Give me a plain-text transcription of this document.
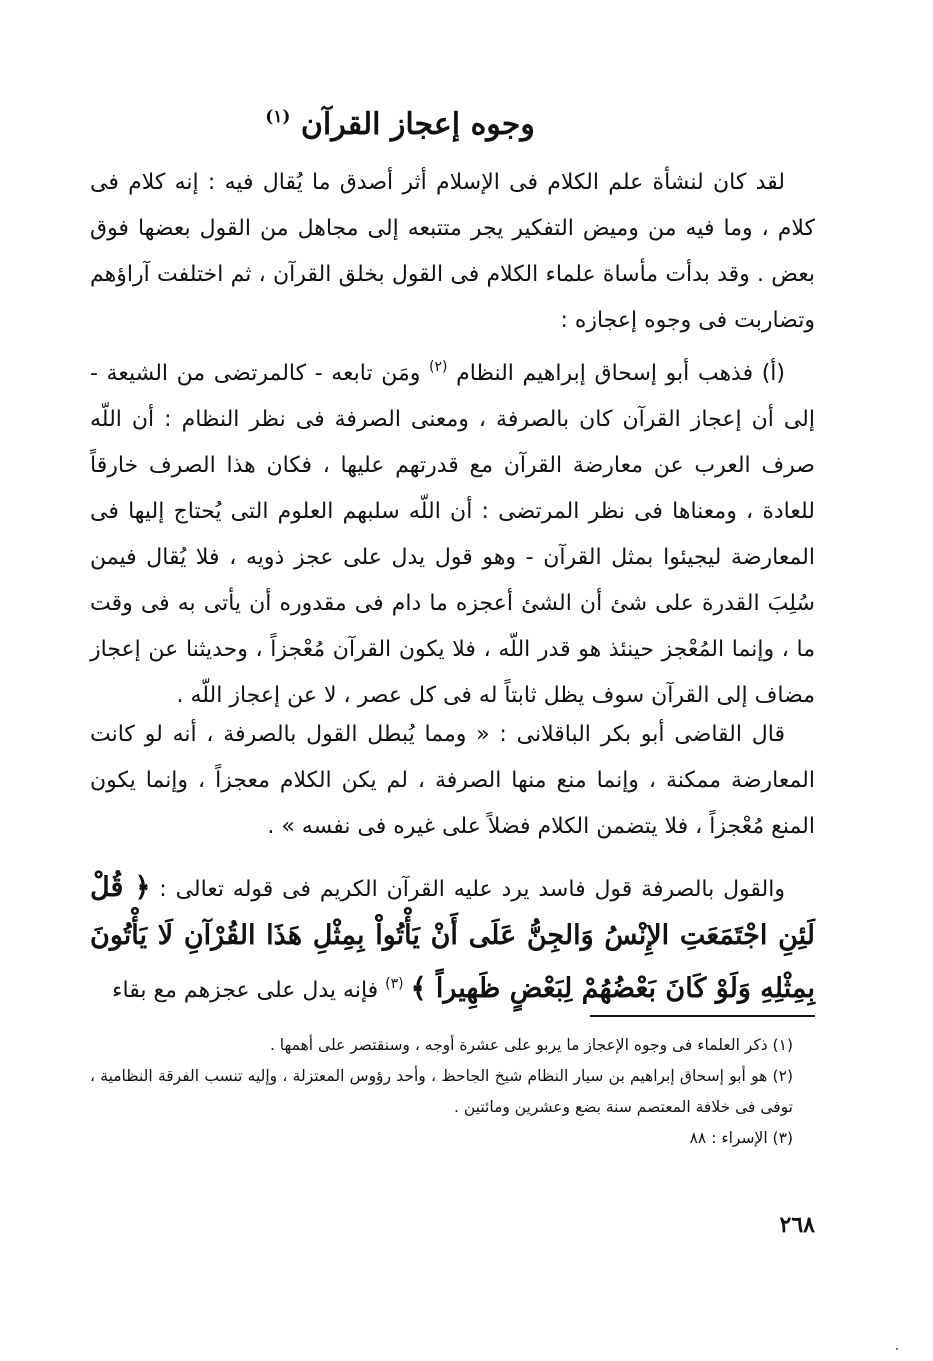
وجوه إعجاز القرآن $^{(١)}$

لقد كان لنشأة علم الكلام فى الإسلام أثر أصدق ما يُقال فيه : إنه كلام فى كلام ، وما فيه من وميض التفكير يجر متتبعه إلى مجاهل من القول بعضها فوق بعض . وقد بدأت مأساة علماء الكلام فى القول بخلق القرآن ، ثم اختلفت آراؤهم وتضاربت فى وجوه إعجازه :

(أ) فذهب أبو إسحاق إبراهيم النظام $^{(٢)}$ ومَن تابعه - كالمرتضى من الشيعة - إلى أن إعجاز القرآن كان بالصرفة ، ومعنى الصرفة فى نظر النظام : أن اللّه صرف العرب عن معارضة القرآن مع قدرتهم عليها ، فكان هذا الصرف خارقاً للعادة ، ومعناها فى نظر المرتضى : أن اللّه سلبهم العلوم التى يُحتاج إليها فى المعارضة ليجيئوا بمثل القرآن - وهو قول يدل على عجز ذويه ، فلا يُقال فيمن سُلِبَ القدرة على شئ أن الشئ أعجزه ما دام فى مقدوره أن يأتى به فى وقت ما ، وإنما المُعْجز حينئذ هو قدر اللّه ، فلا يكون القرآن مُعْجزاً ، وحديثنا عن إعجاز مضاف إلى القرآن سوف يظل ثابتاً له فى كل عصر ، لا عن إعجاز اللّه .

قال القاضى أبو بكر الباقلانى : « ومما يُبطل القول بالصرفة ، أنه لو كانت المعارضة ممكنة ، وإنما منع منها الصرفة ، لم يكن الكلام معجزاً ، وإنما يكون المنع مُعْجزاً ، فلا يتضمن الكلام فضلاً على غيره فى نفسه » .

والقول بالصرفة قول فاسد يرد عليه القرآن الكريم فى قوله تعالى : ﴿ قُلْ لَئِنِ اجْتَمَعَتِ الإِنْسُ وَالجِنُّ عَلَى أَنْ يَأْتُواْ بِمِثْلِ هَذَا القُرْآنِ لَا يَأْتُونَ بِمِثْلِهِ وَلَوْ كَانَ بَعْضُهُمْ لِبَعْضٍ ظَهِيراً ﴾ $^{(٣)}$ فإنه يدل على عجزهم مع بقاء

(١) ذكر العلماء فى وجوه الإعجاز ما يربو على عشرة أوجه ، وسنقتصر على أهمها .

(٢) هو أبو إسحاق إبراهيم بن سيار النظام شيخ الجاحظ ، وأحد رؤوس المعتزلة ، وإليه تنسب الفرقة النظامية ، توفى فى خلافة المعتصم سنة بضع وعشرين ومائتين .

(٣) الإسراء : ٨٨

٢٦٨
